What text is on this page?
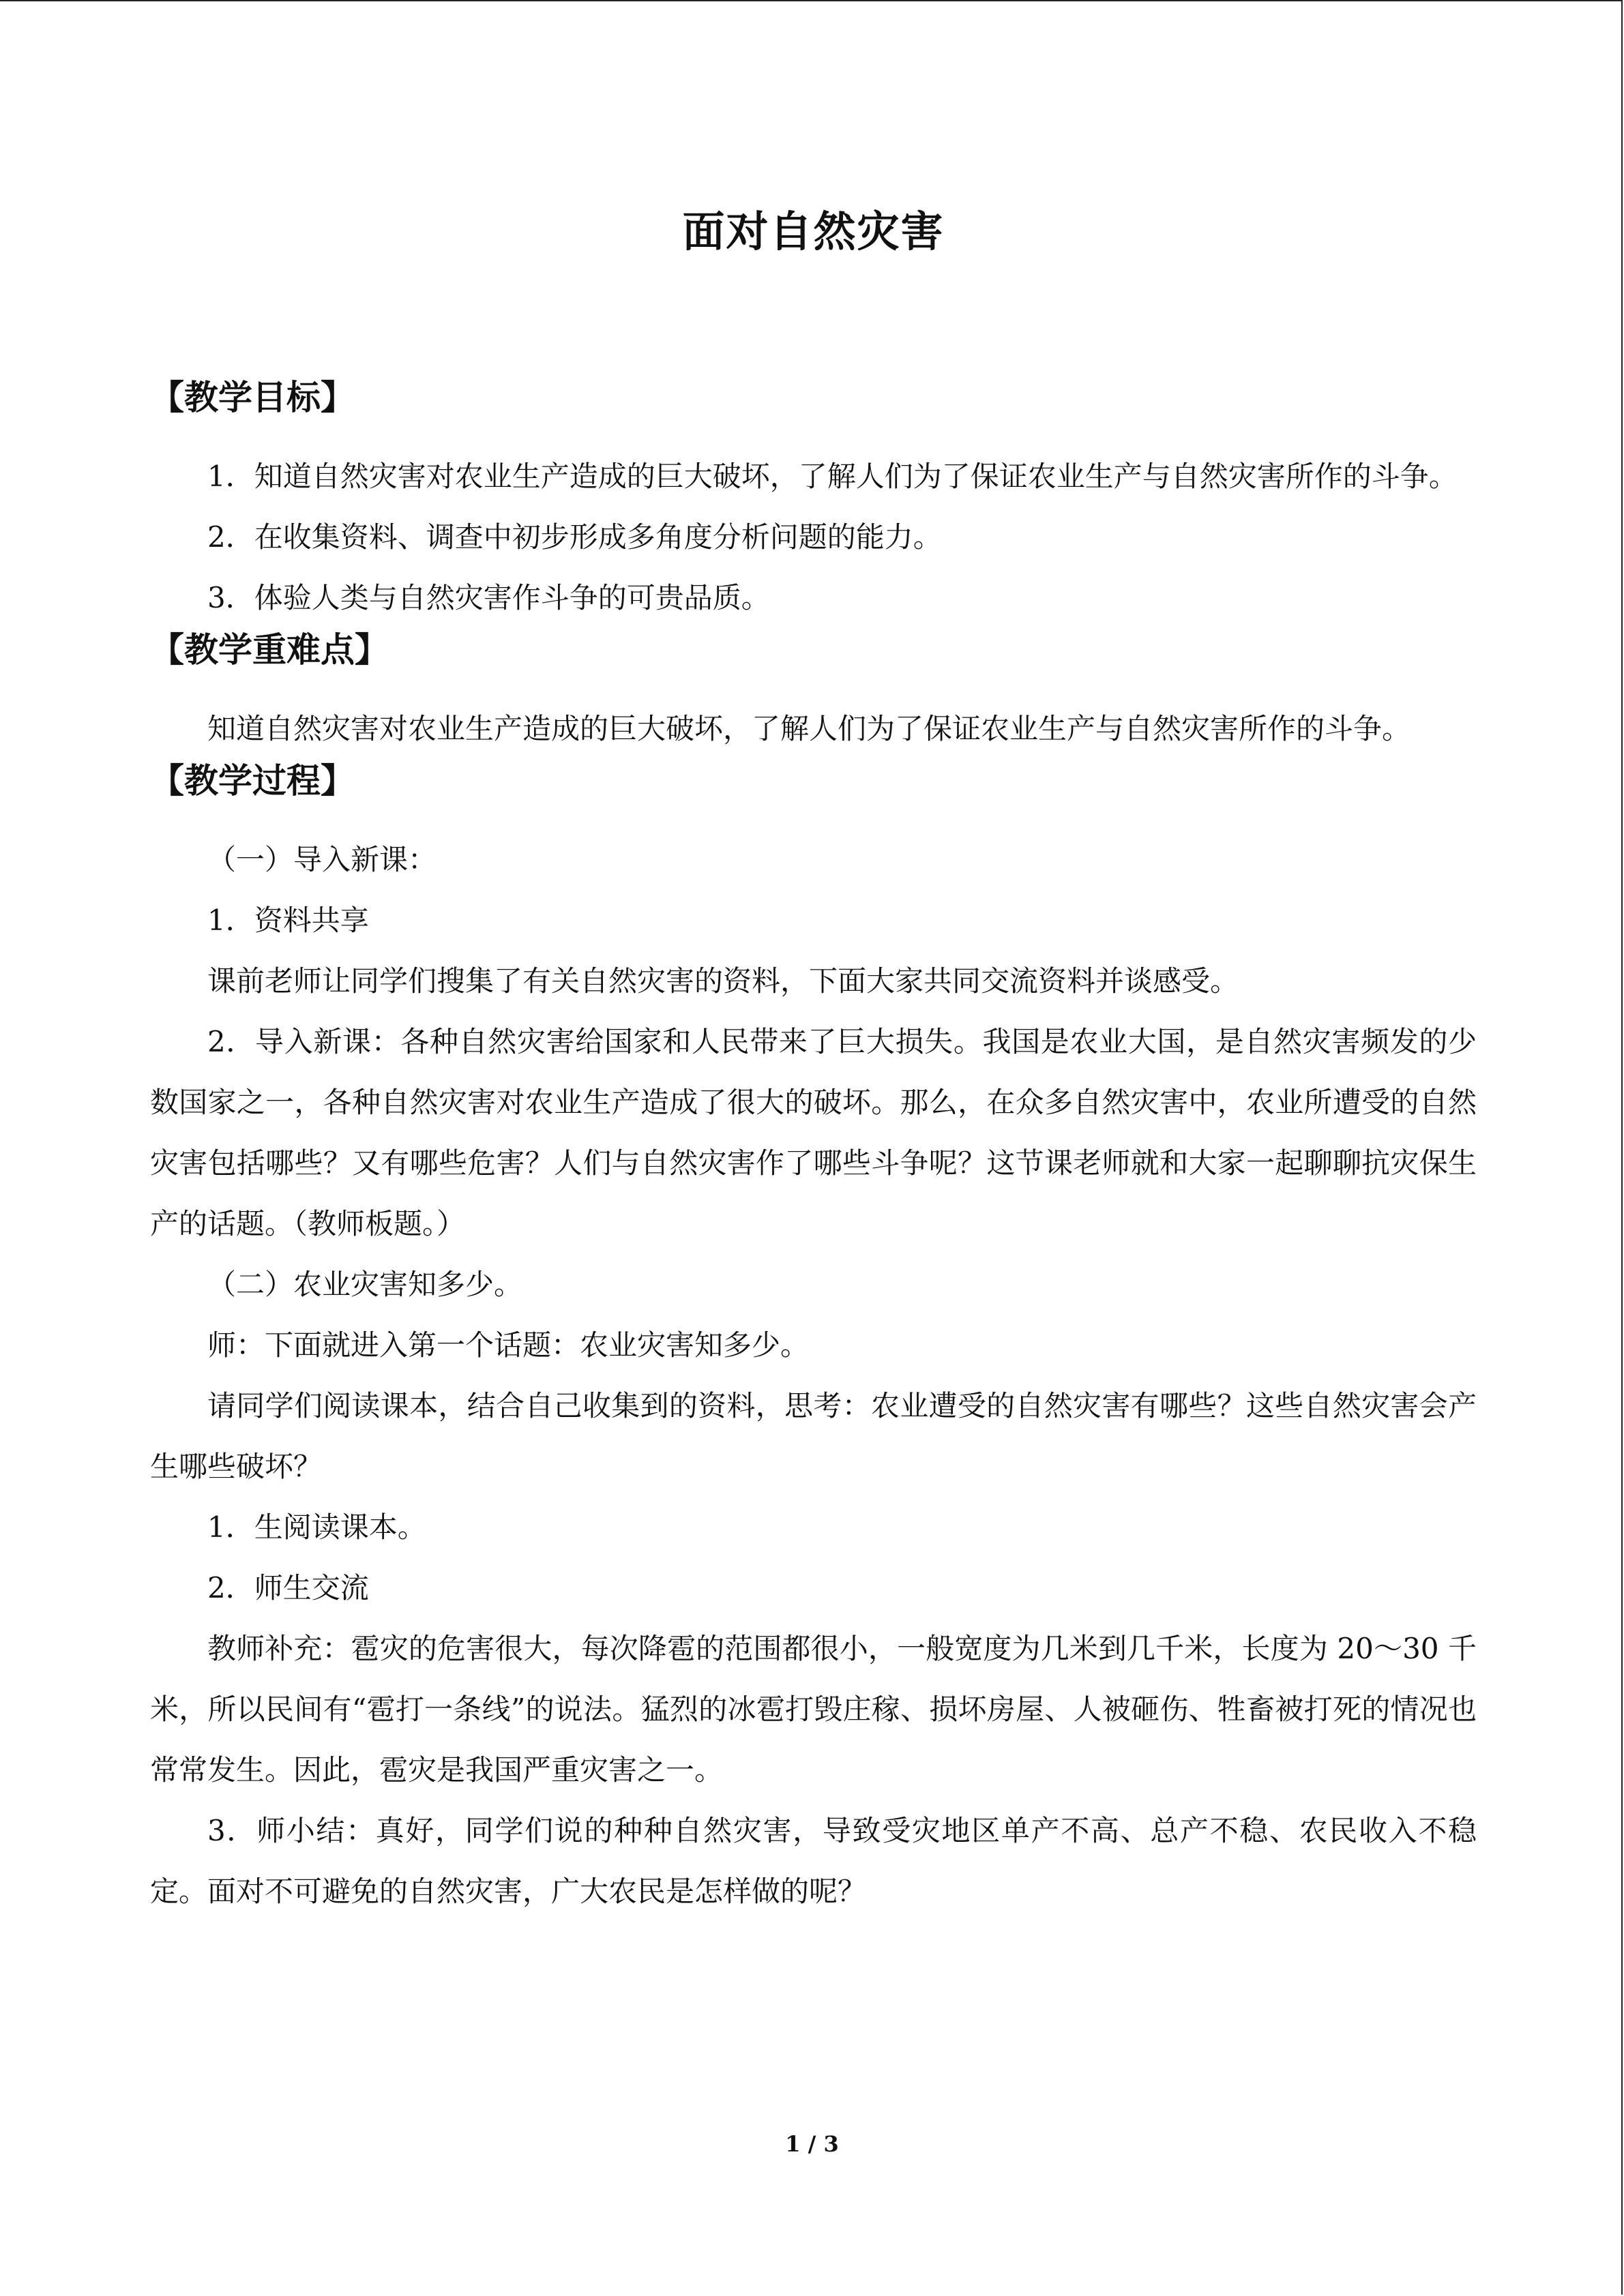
面对自然灾害
【教学目标】

1．知道自然灾害对农业生产造成的巨大破坏，了解人们为了保证农业生产与自然灾害所作的斗争。

2．在收集资料、调查中初步形成多角度分析问题的能力。

3．体验人类与自然灾害作斗争的可贵品质。

【教学重难点】

知道自然灾害对农业生产造成的巨大破坏，了解人们为了保证农业生产与自然灾害所作的斗争。

【教学过程】

（一）导入新课：

1．资料共享

课前老师让同学们搜集了有关自然灾害的资料，下面大家共同交流资料并谈感受。

2．导入新课：各种自然灾害给国家和人民带来了巨大损失。我国是农业大国，是自然灾害频发的少数国家之一，各种自然灾害对农业生产造成了很大的破坏。那么，在众多自然灾害中，农业所遭受的自然灾害包括哪些？又有哪些危害？人们与自然灾害作了哪些斗争呢？这节课老师就和大家一起聊聊抗灾保生产的话题。（教师板题。）

（二）农业灾害知多少。

师：下面就进入第一个话题：农业灾害知多少。

请同学们阅读课本，结合自己收集到的资料，思考：农业遭受的自然灾害有哪些？这些自然灾害会产生哪些破坏？

1．生阅读课本。

2．师生交流

教师补充：雹灾的危害很大，每次降雹的范围都很小，一般宽度为几米到几千米，长度为 20～30 千米，所以民间有“雹打一条线”的说法。猛烈的冰雹打毁庄稼、损坏房屋、人被砸伤、牲畜被打死的情况也常常发生。因此，雹灾是我国严重灾害之一。

3．师小结：真好，同学们说的种种自然灾害，导致受灾地区单产不高、总产不稳、农民收入不稳定。面对不可避免的自然灾害，广大农民是怎样做的呢？

1 / 3
